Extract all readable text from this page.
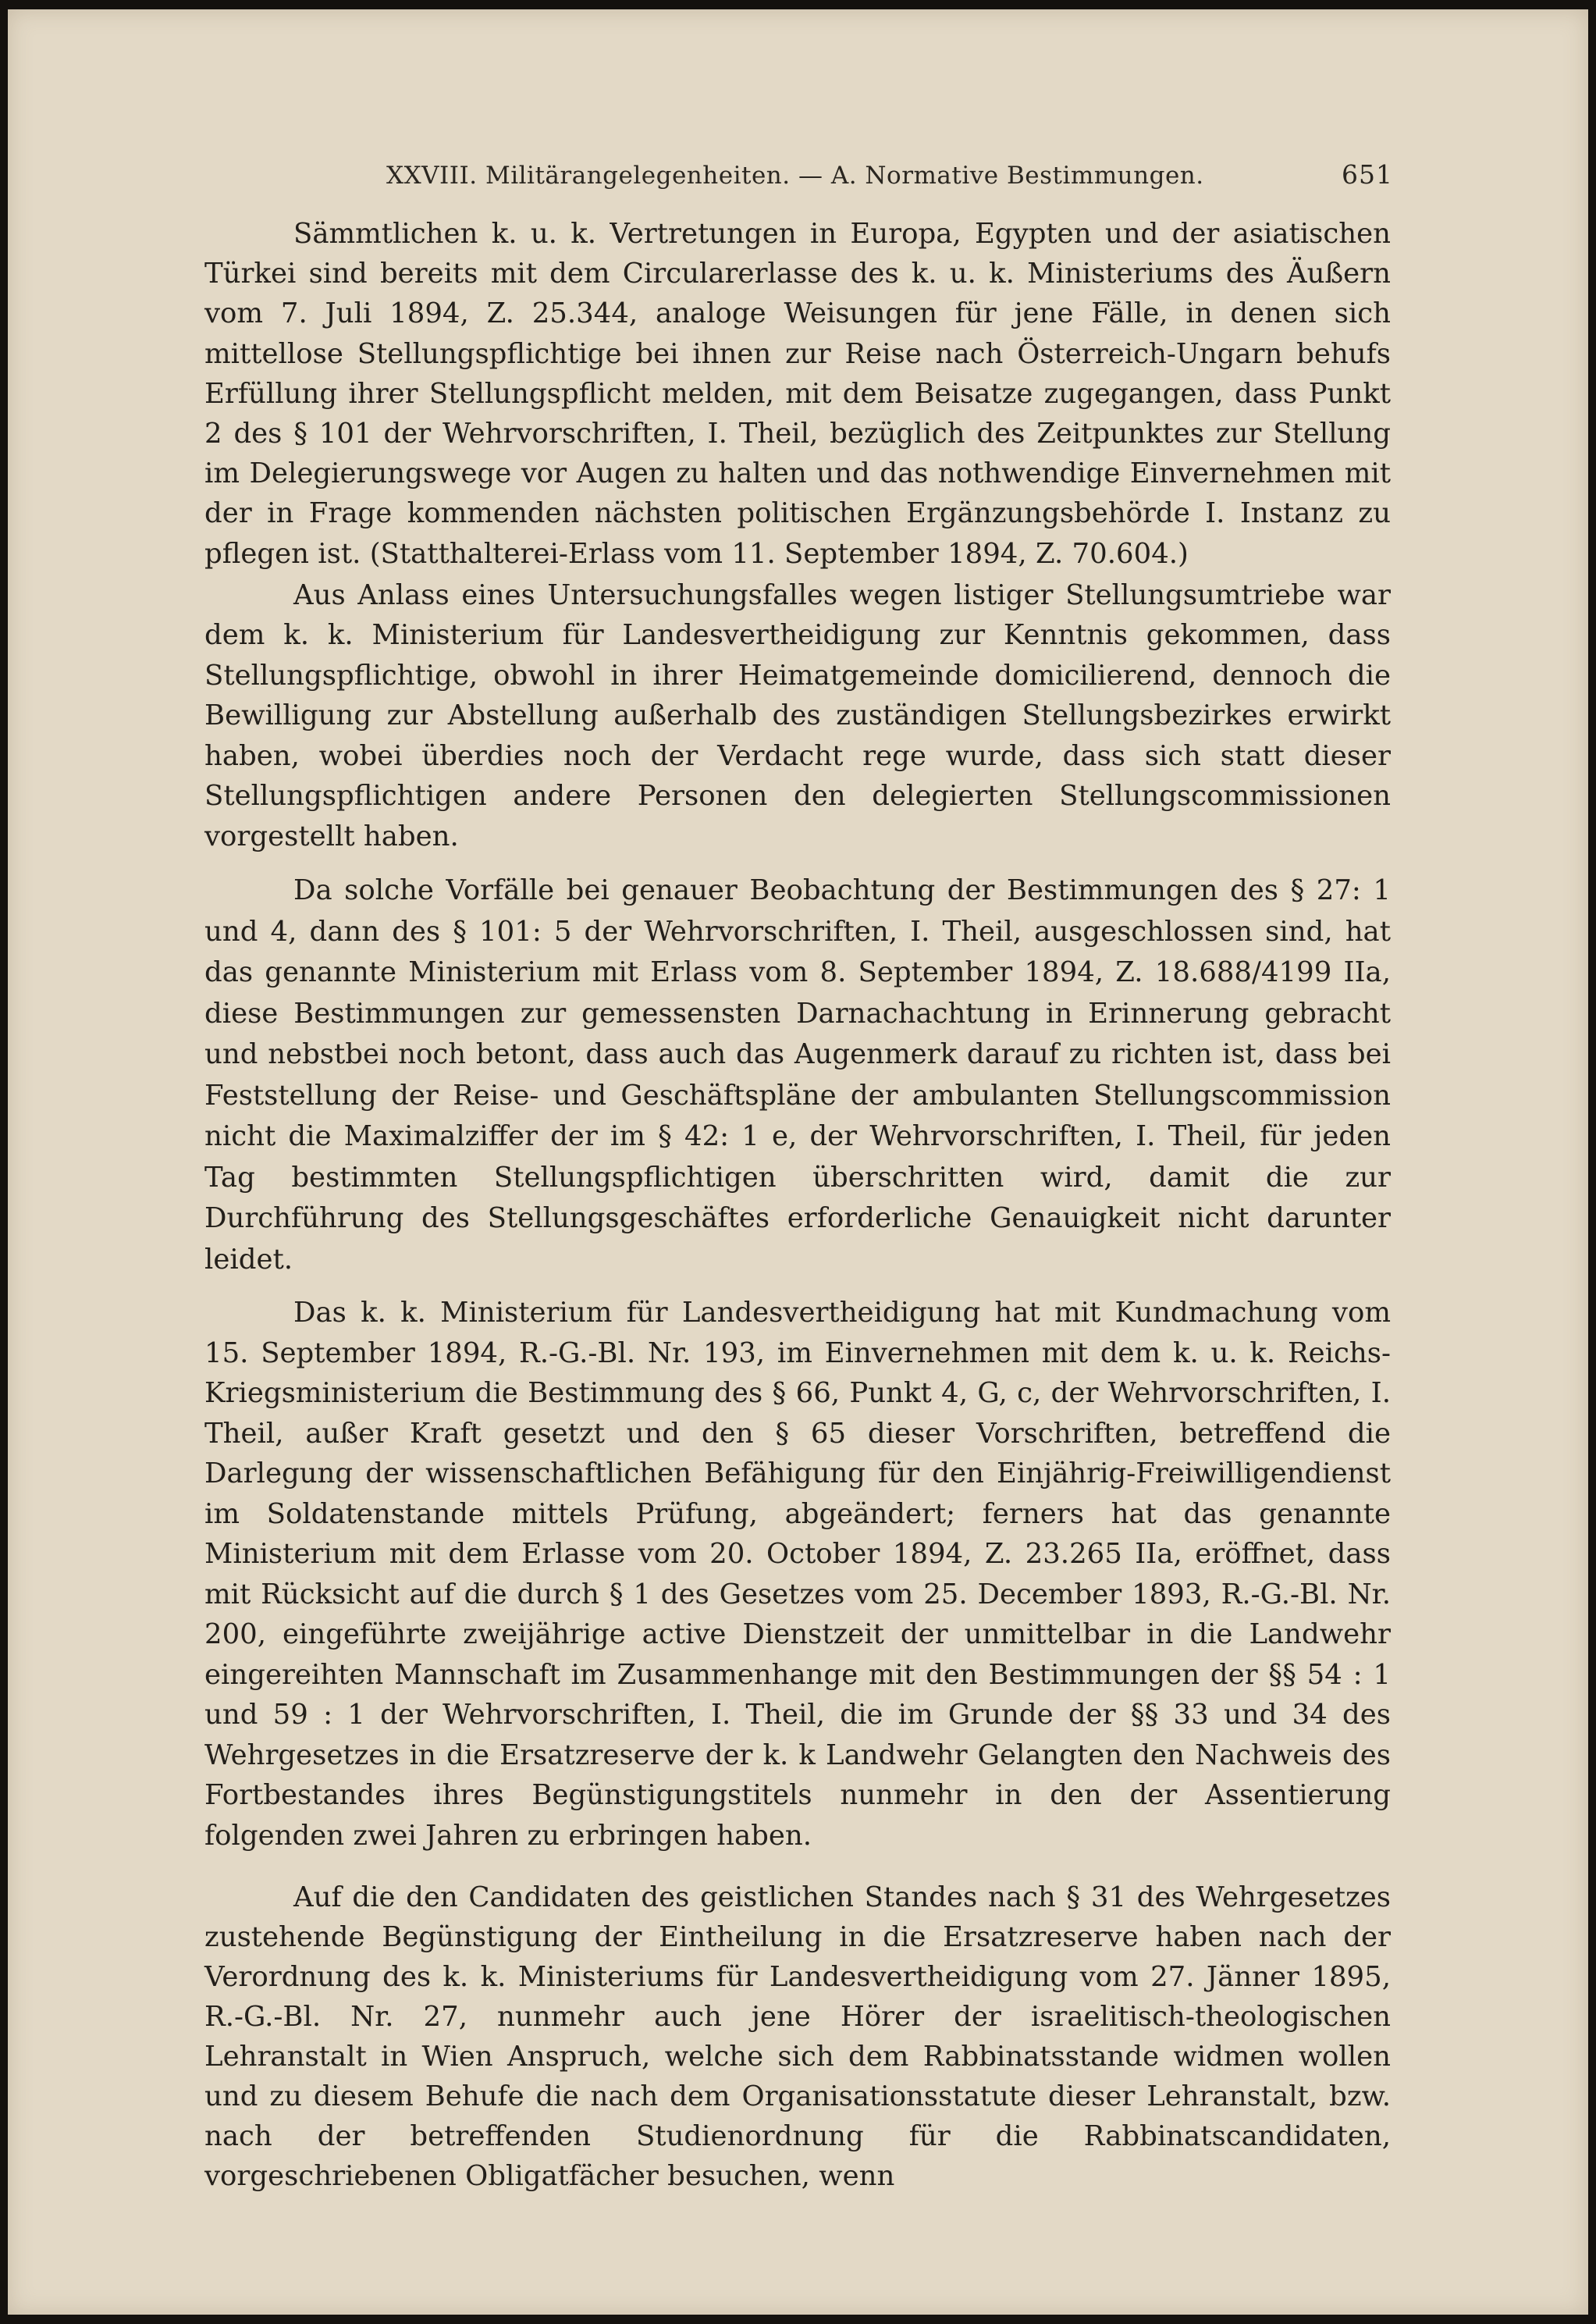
XXVIII. Militärangelegenheiten. — A. Normative Bestimmungen.	651

Sämmtlichen k. u. k. Vertretungen in Europa, Egypten und der asiatischen Türkei sind bereits mit dem Circularerlasse des k. u. k. Ministeriums des Äußern vom 7. Juli 1894, Z. 25.344, analoge Weisungen für jene Fälle, in denen sich mittellose Stellungspflichtige bei ihnen zur Reise nach Österreich-Ungarn behufs Erfüllung ihrer Stellungspflicht melden, mit dem Beisatze zugegangen, dass Punkt 2 des § 101 der Wehrvorschriften, I. Theil, bezüglich des Zeitpunktes zur Stellung im Delegierungswege vor Augen zu halten und das nothwendige Einvernehmen mit der in Frage kommenden nächsten politischen Ergänzungsbehörde I. Instanz zu pflegen ist. (Statthalterei-Erlass vom 11. September 1894, Z. 70.604.)

Aus Anlass eines Untersuchungsfalles wegen listiger Stellungsumtriebe war dem k. k. Ministerium für Landesvertheidigung zur Kenntnis gekommen, dass Stellungspflichtige, obwohl in ihrer Heimatgemeinde domicilierend, dennoch die Bewilligung zur Abstellung außerhalb des zuständigen Stellungsbezirkes erwirkt haben, wobei überdies noch der Verdacht rege wurde, dass sich statt dieser Stellungspflichtigen andere Personen den delegierten Stellungscommissionen vorgestellt haben.

Da solche Vorfälle bei genauer Beobachtung der Bestimmungen des § 27: 1 und 4, dann des § 101: 5 der Wehrvorschriften, I. Theil, ausgeschlossen sind, hat das genannte Ministerium mit Erlass vom 8. September 1894, Z. 18.688/4199 IIa, diese Bestimmungen zur gemessensten Darnachachtung in Erinnerung gebracht und nebstbei noch betont, dass auch das Augenmerk darauf zu richten ist, dass bei Feststellung der Reise- und Geschäftspläne der ambulanten Stellungscommission nicht die Maximalziffer der im § 42: 1 e, der Wehrvorschriften, I. Theil, für jeden Tag bestimmten Stellungspflichtigen überschritten wird, damit die zur Durchführung des Stellungsgeschäftes erforderliche Genauigkeit nicht darunter leidet.

Das k. k. Ministerium für Landesvertheidigung hat mit Kundmachung vom 15. September 1894, R.-G.-Bl. Nr. 193, im Einvernehmen mit dem k. u. k. Reichs-Kriegsministerium die Bestimmung des § 66, Punkt 4, G, c, der Wehrvorschriften, I. Theil, außer Kraft gesetzt und den § 65 dieser Vorschriften, betreffend die Darlegung der wissenschaftlichen Befähigung für den Einjährig-Freiwilligendienst im Soldatenstande mittels Prüfung, abgeändert; ferners hat das genannte Ministerium mit dem Erlasse vom 20. October 1894, Z. 23.265 IIa, eröffnet, dass mit Rücksicht auf die durch § 1 des Gesetzes vom 25. December 1893, R.-G.-Bl. Nr. 200, eingeführte zweijährige active Dienstzeit der unmittelbar in die Landwehr eingereihten Mannschaft im Zusammenhange mit den Bestimmungen der §§ 54 : 1 und 59 : 1 der Wehrvorschriften, I. Theil, die im Grunde der §§ 33 und 34 des Wehrgesetzes in die Ersatzreserve der k. k Landwehr Gelangten den Nachweis des Fortbestandes ihres Begünstigungstitels nunmehr in den der Assentierung folgenden zwei Jahren zu erbringen haben.

Auf die den Candidaten des geistlichen Standes nach § 31 des Wehrgesetzes zustehende Begünstigung der Eintheilung in die Ersatzreserve haben nach der Verordnung des k. k. Ministeriums für Landesvertheidigung vom 27. Jänner 1895, R.-G.-Bl. Nr. 27, nunmehr auch jene Hörer der israelitisch-theologischen Lehranstalt in Wien Anspruch, welche sich dem Rabbinatsstande widmen wollen und zu diesem Behufe die nach dem Organisationsstatute dieser Lehranstalt, bzw. nach der betreffenden Studienordnung für die Rabbinatscandidaten, vorgeschriebenen Obligatfächer besuchen, wenn
